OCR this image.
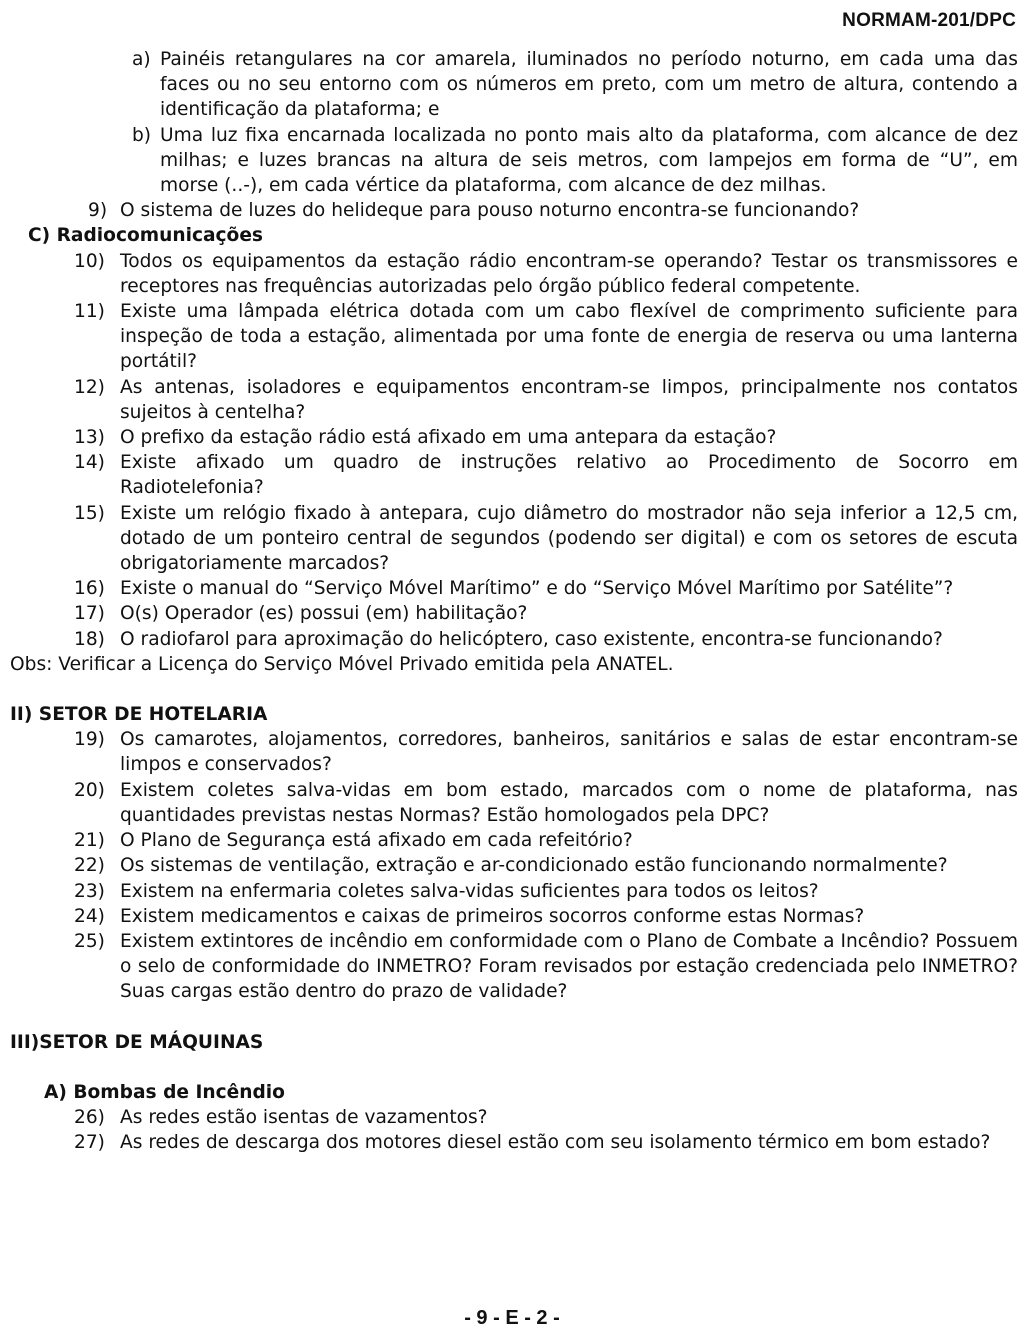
NORMAM-201/DPC
a) Painéis retangulares na cor amarela, iluminados no período noturno, em cada uma das faces ou no seu entorno com os números em preto, com um metro de altura, contendo a identificação da plataforma; e
b) Uma luz fixa encarnada localizada no ponto mais alto da plataforma, com alcance de dez milhas; e luzes brancas na altura de seis metros, com lampejos em forma de “U”, em morse (..-), em cada vértice da plataforma, com alcance de dez milhas.
9) O sistema de luzes do helideque para pouso noturno encontra-se funcionando?
C) Radiocomunicações
10) Todos os equipamentos da estação rádio encontram-se operando? Testar os transmissores e receptores nas frequências autorizadas pelo órgão público federal competente.
11) Existe uma lâmpada elétrica dotada com um cabo flexível de comprimento suficiente para inspeção de toda a estação, alimentada por uma fonte de energia de reserva ou uma lanterna portátil?
12) As antenas, isoladores e equipamentos encontram-se limpos, principalmente nos contatos sujeitos à centelha?
13) O prefixo da estação rádio está afixado em uma antepara da estação?
14) Existe afixado um quadro de instruções relativo ao Procedimento de Socorro em Radiotelefonia?
15) Existe um relógio fixado à antepara, cujo diâmetro do mostrador não seja inferior a 12,5 cm, dotado de um ponteiro central de segundos (podendo ser digital) e com os setores de escuta obrigatoriamente marcados?
16) Existe o manual do “Serviço Móvel Marítimo” e do “Serviço Móvel Marítimo por Satélite”?
17) O(s) Operador (es) possui (em) habilitação?
18) O radiofarol para aproximação do helicóptero, caso existente, encontra-se funcionando?
Obs: Verificar a Licença do Serviço Móvel Privado emitida pela ANATEL.
II) SETOR DE HOTELARIA
19) Os camarotes, alojamentos, corredores, banheiros, sanitários e salas de estar encontram-se limpos e conservados?
20) Existem coletes salva-vidas em bom estado, marcados com o nome de plataforma, nas quantidades previstas nestas Normas? Estão homologados pela DPC?
21) O Plano de Segurança está afixado em cada refeitório?
22) Os sistemas de ventilação, extração e ar-condicionado estão funcionando normalmente?
23) Existem na enfermaria coletes salva-vidas suficientes para todos os leitos?
24) Existem medicamentos e caixas de primeiros socorros conforme estas Normas?
25) Existem extintores de incêndio em conformidade com o Plano de Combate a Incêndio? Possuem o selo de conformidade do INMETRO? Foram revisados por estação credenciada pelo INMETRO? Suas cargas estão dentro do prazo de validade?
III)SETOR DE MÁQUINAS
A) Bombas de Incêndio
26) As redes estão isentas de vazamentos?
27) As redes de descarga dos motores diesel estão com seu isolamento térmico em bom estado?
- 9 - E - 2 -
